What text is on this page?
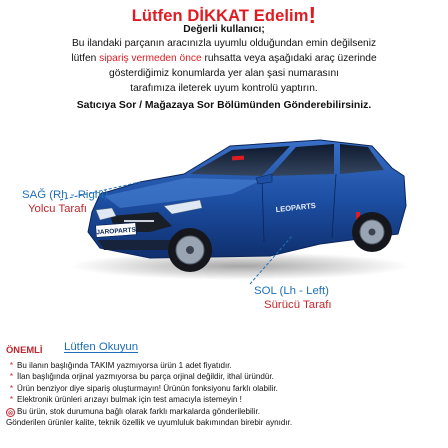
Lütfen DİKKAT Edelim!
Değerli kullanıcı;
Bu ilandaki parçanın aracınızla uyumlu olduğundan emin değilseniz
lütfen sipariş vermeden önce ruhsatta veya aşağıdaki araç üzerinde
gösterdiğimiz konumlarda yer alan şasi numarasını
tarafımıza ileterek uyum kontrolü yaptırın.
Satıcıya Sor / Mağazaya Sor Bölümünden Gönderebilirsiniz.
JAROPARTS
LEOPARTS
SAĞ (Rh - Right)
Yolcu Tarafı
SOL (Lh - Left)
Sürücü Tarafı
ÖNEMLİ Lütfen Okuyun
* Bu ilanın başlığında TAKIM yazmıyorsa ürün 1 adet fiyatıdır.
* İlan başlığında orjinal yazmıyorsa bu parça orjinal değildir, ithal üründür.
* Ürün benziyor diye sipariş oluşturmayın! Ürünün fonksiyonu farklı olabilir.
* Elektronik ürünleri arızayı bulmak için test amacıyla istemeyin !
⊗ Bu ürün, stok durumuna bağlı olarak farklı markalarda gönderilebilir.
Gönderilen ürünler kalite, teknik özellik ve uyumluluk bakımından birebir aynıdır.
